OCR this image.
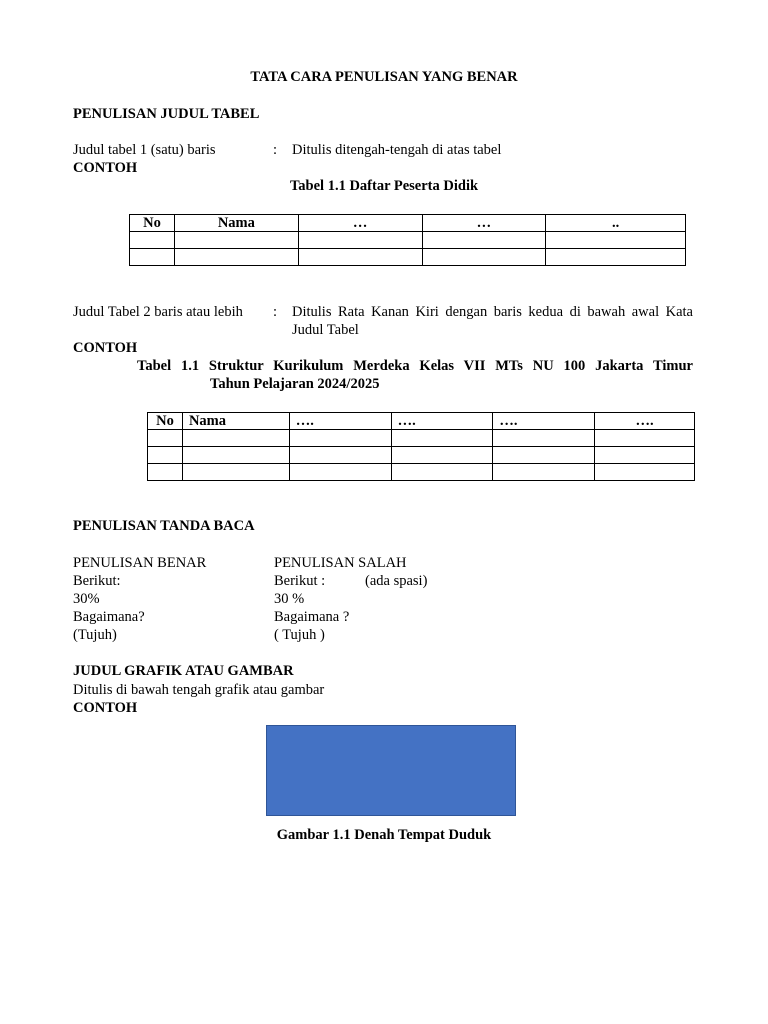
TATA CARA PENULISAN YANG BENAR
PENULISAN JUDUL TABEL
Judul tabel 1 (satu) baris	: Ditulis ditengah-tengah di atas tabel
CONTOH
Tabel 1.1 Daftar Peserta Didik
No	Nama	…	…	..

Judul Tabel 2 baris atau lebih : Ditulis Rata Kanan Kiri dengan baris kedua di bawah awal Kata
Judul Tabel
CONTOH
Tabel 1.1 Struktur Kurikulum Merdeka Kelas VII MTs NU 100 Jakarta Timur
Tahun Pelajaran 2024/2025
No	Nama	….	….	….	….

PENULISAN TANDA BACA
PENULISAN BENAR	PENULISAN SALAH
Berikut:	Berikut :	(ada spasi)
30%	30 %
Bagaimana?	Bagaimana ?
(Tujuh)	( Tujuh )
JUDUL GRAFIK ATAU GAMBAR
Ditulis di bawah tengah grafik atau gambar
CONTOH
Gambar 1.1 Denah Tempat Duduk
